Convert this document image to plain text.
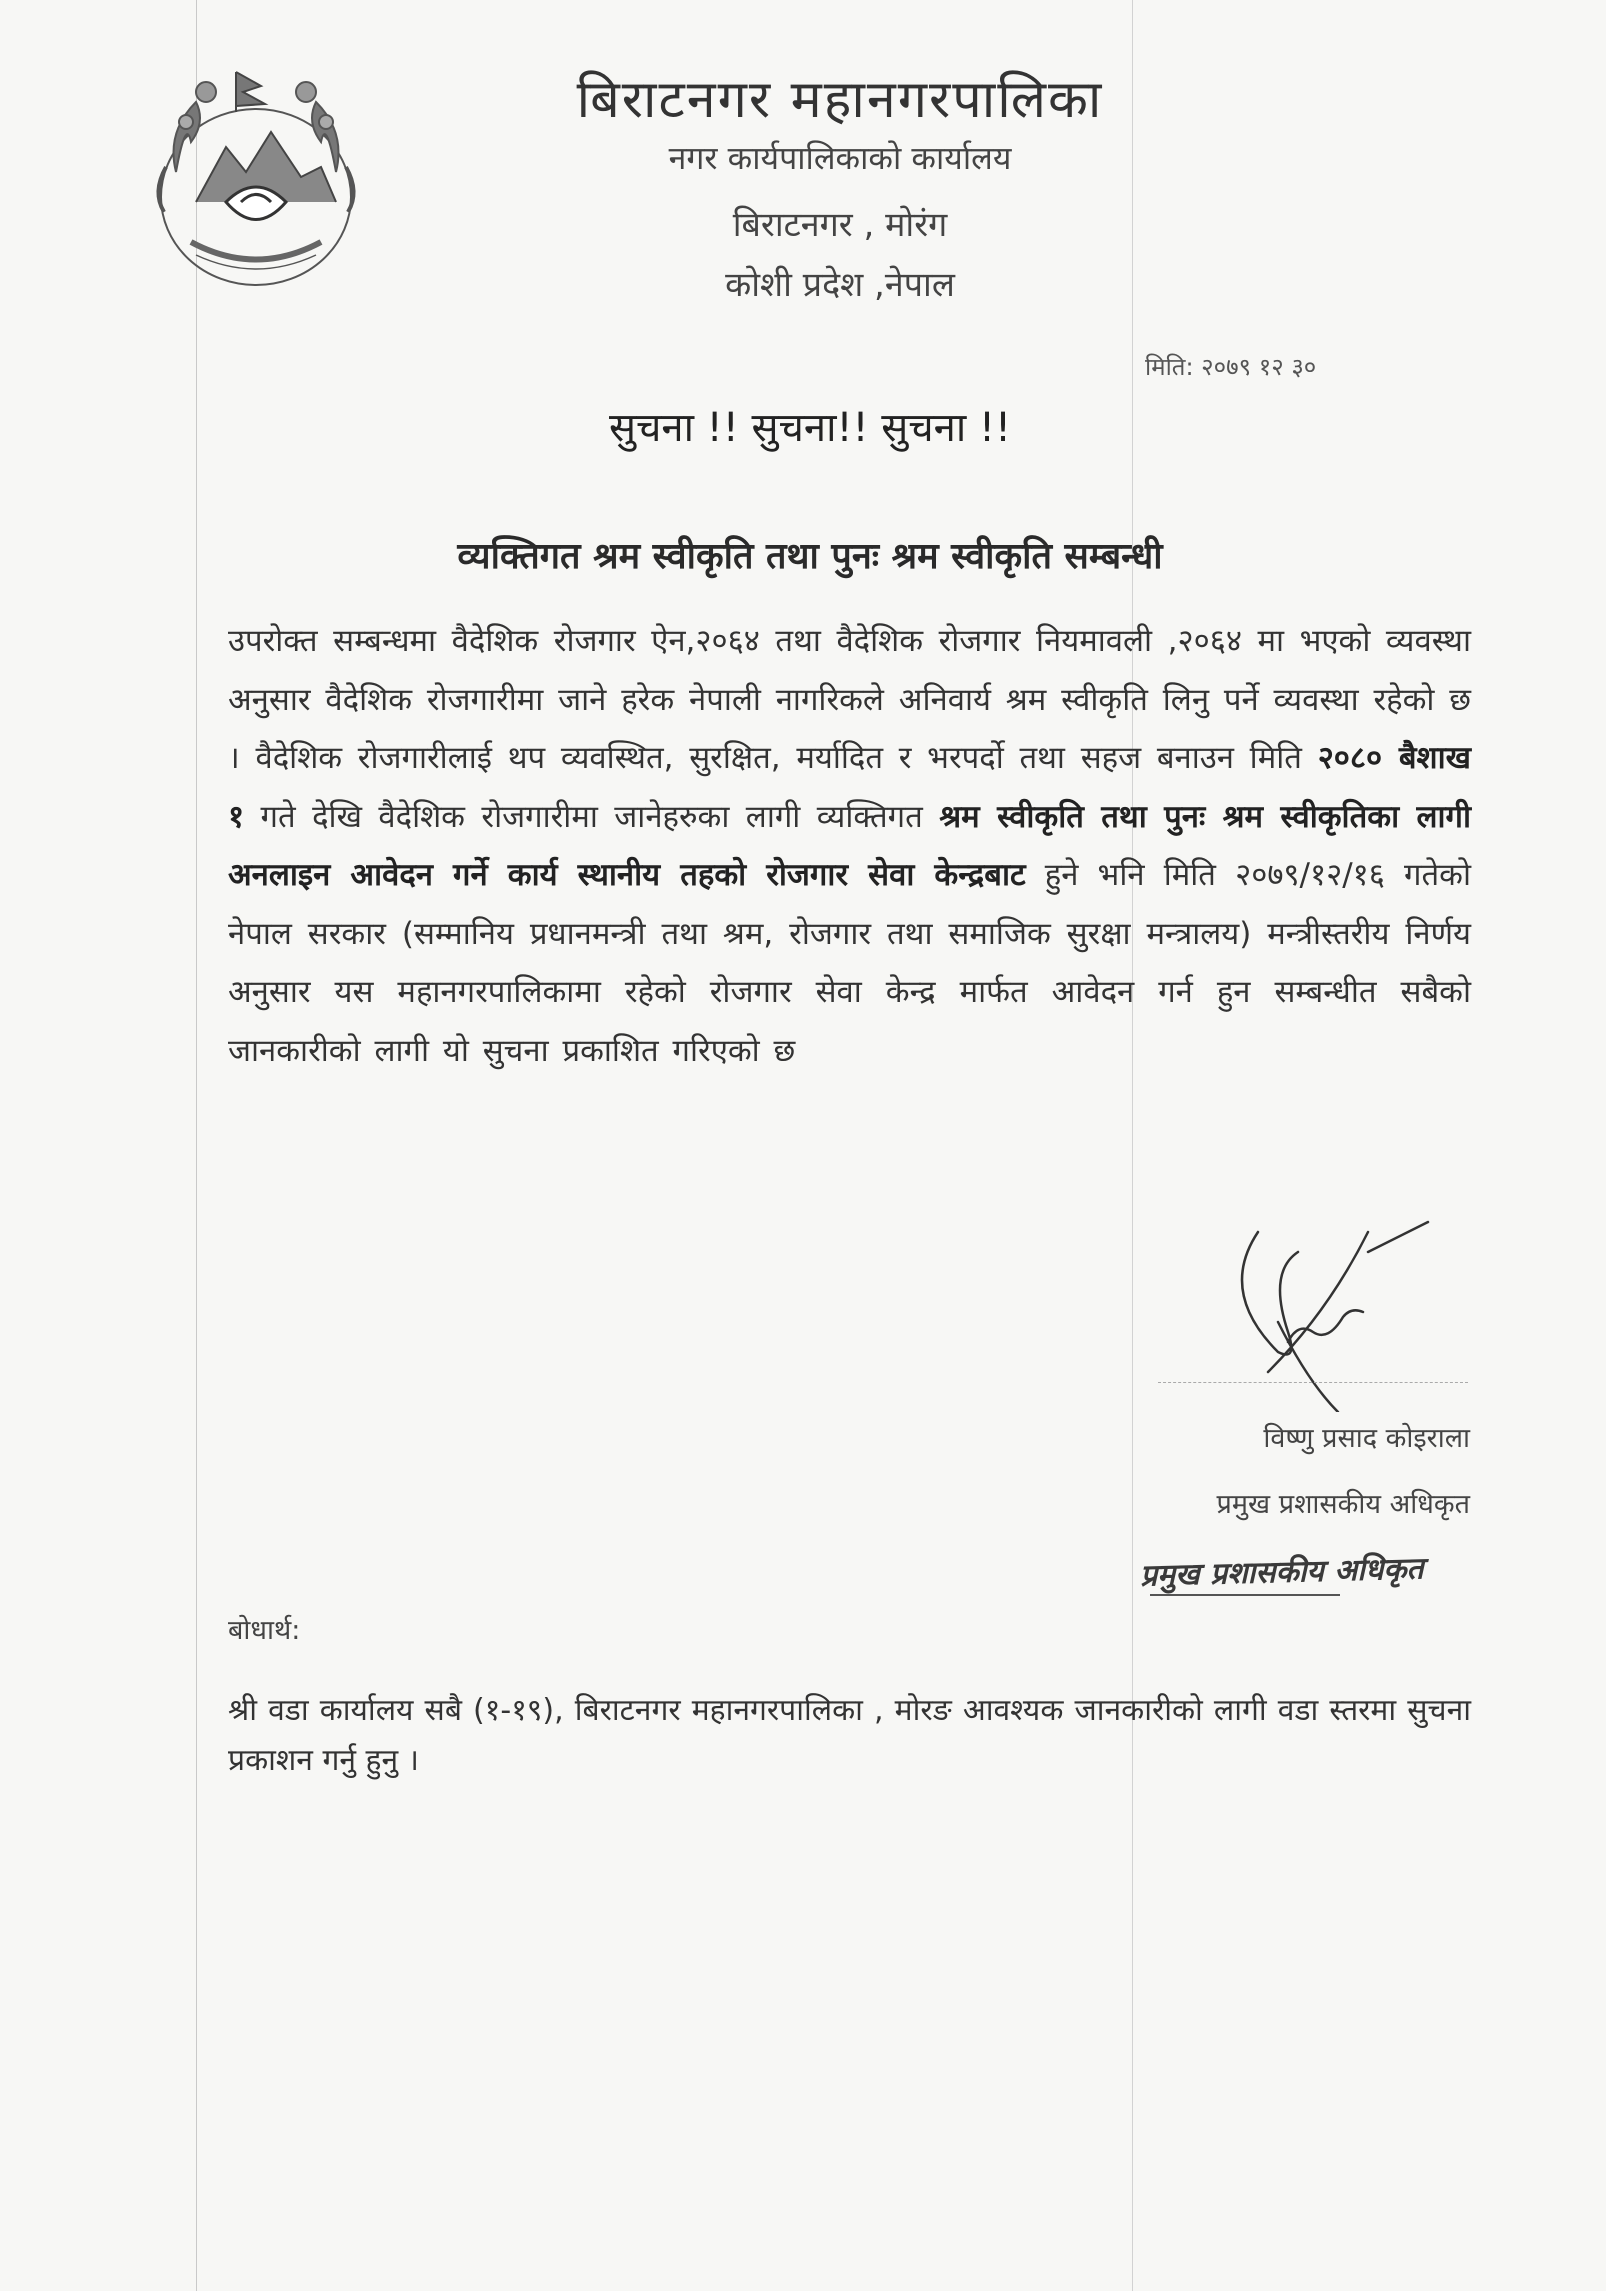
बिराटनगर महानगरपालिका
नगर कार्यपालिकाको कार्यालय
बिराटनगर , मोरंग
कोशी प्रदेश ,नेपाल
मिति: २०७९ १२ ३०
सुचना !! सुचना!! सुचना !!
व्यक्तिगत श्रम स्वीकृति तथा पुनः श्रम स्वीकृति सम्बन्धी
उपरोक्त सम्बन्धमा वैदेशिक रोजगार ऐन,२०६४ तथा वैदेशिक रोजगार नियमावली ,२०६४ मा भएको व्यवस्था अनुसार वैदेशिक रोजगारीमा जाने हरेक नेपाली नागरिकले अनिवार्य श्रम स्वीकृति लिनु पर्ने व्यवस्था रहेको छ । वैदेशिक रोजगारीलाई थप व्यवस्थित, सुरक्षित, मर्यादित र भरपर्दो तथा सहज बनाउन मिति २०८० बैशाख १ गते देखि वैदेशिक रोजगारीमा जानेहरुका लागी व्यक्तिगत श्रम स्वीकृति तथा पुनः श्रम स्वीकृतिका लागी अनलाइन आवेदन गर्ने कार्य स्थानीय तहको रोजगार सेवा केन्द्रबाट हुने भनि मिति २०७९/१२/१६ गतेको नेपाल सरकार (सम्मानिय प्रधानमन्त्री तथा श्रम, रोजगार तथा समाजिक सुरक्षा मन्त्रालय) मन्त्रीस्तरीय निर्णय अनुसार यस महानगरपालिकामा रहेको रोजगार सेवा केन्द्र मार्फत आवेदन गर्न हुन सम्बन्धीत सबैको जानकारीको लागी यो सुचना प्रकाशित गरिएको छ
विष्णु प्रसाद कोइराला
प्रमुख प्रशासकीय अधिकृत
प्रमुख प्रशासकीय अधिकृत
बोधार्थ:
श्री वडा कार्यालय सबै (१-१९), बिराटनगर महानगरपालिका , मोरङ आवश्यक जानकारीको लागी वडा स्तरमा सुचना प्रकाशन गर्नु हुनु ।
